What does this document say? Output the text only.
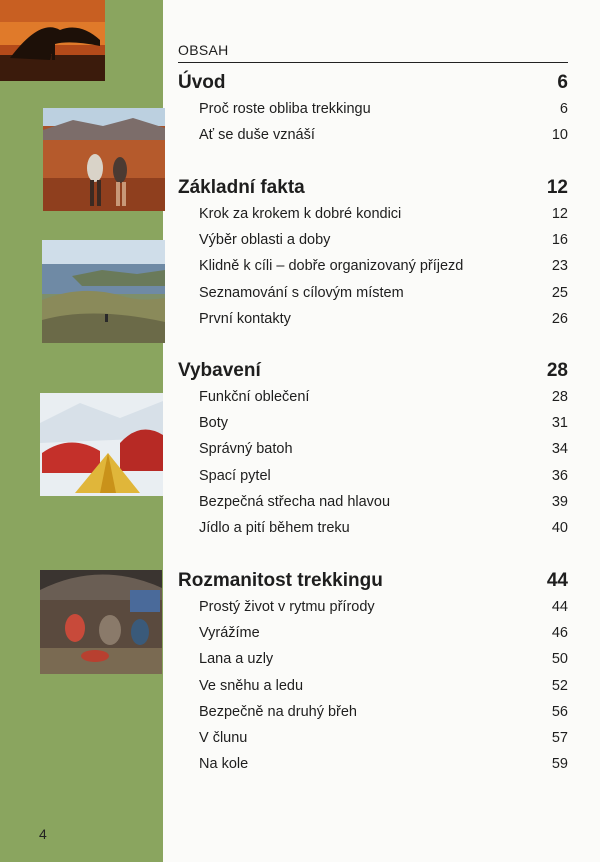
4
OBSAH
Úvod	6
Proč roste obliba trekkingu	6
Ať se duše vznáší	10
Základní fakta	12
Krok za krokem k dobré kondici	12
Výběr oblasti a doby	16
Klidně k cíli – dobře organizovaný příjezd	23
Seznamování s cílovým místem	25
První kontakty	26
Vybavení	28
Funkční oblečení	28
Boty	31
Správný batoh	34
Spací pytel	36
Bezpečná střecha nad hlavou	39
Jídlo a pití během treku	40
Rozmanitost trekkingu	44
Prostý život v rytmu přírody	44
Vyrážíme	46
Lana a uzly	50
Ve sněhu a ledu	52
Bezpečně na druhý břeh	56
V člunu	57
Na kole	59
